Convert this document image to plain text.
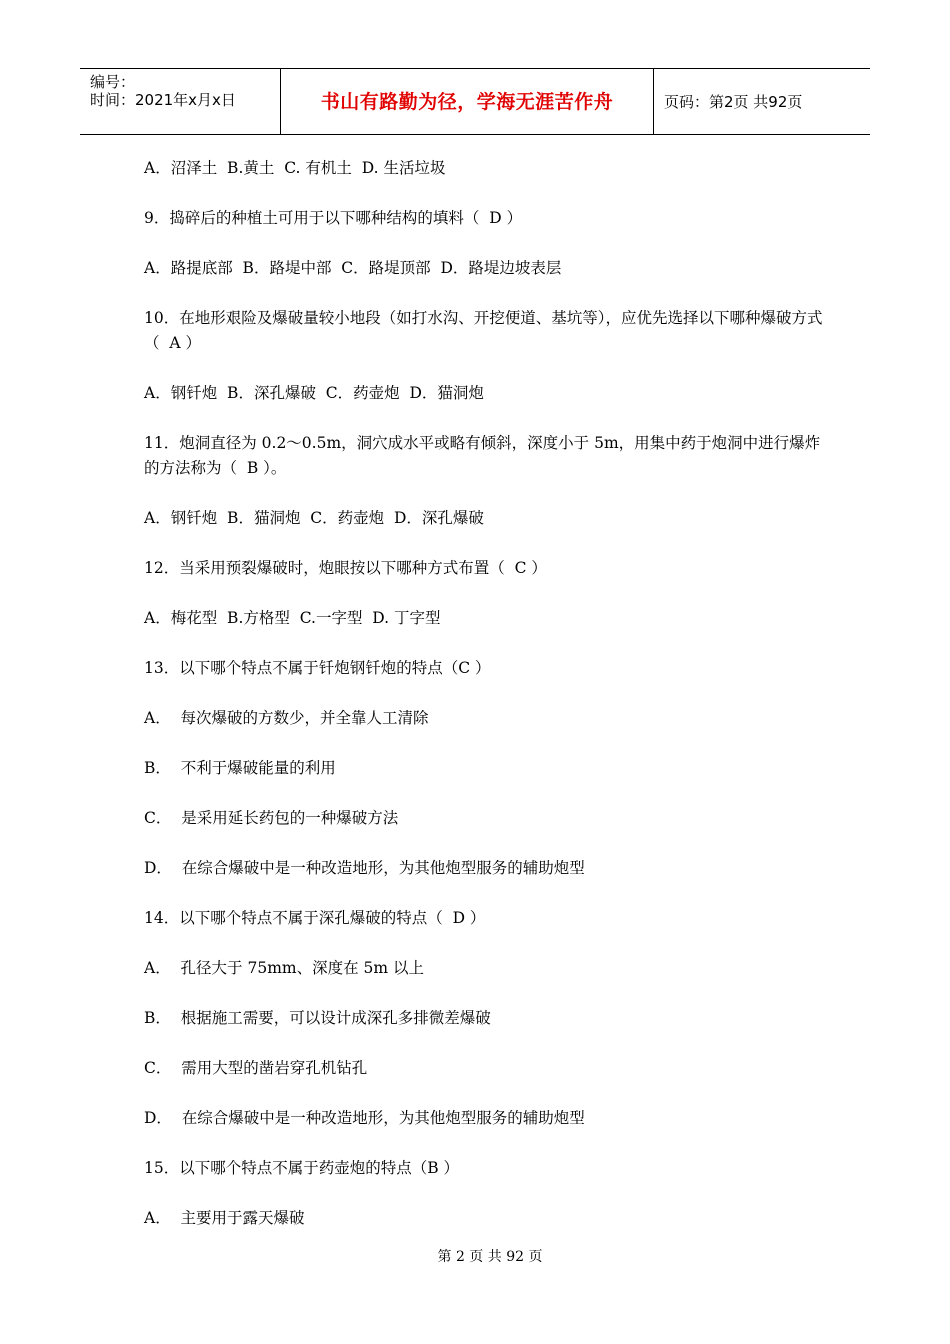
编号：
时间：2021年x月x日	书山有路勤为径，学海无涯苦作舟	页码：第2页 共92页
A．沼泽土  B.黄土  C. 有机土  D. 生活垃圾
9．捣碎后的种植土可用于以下哪种结构的填料（  D ）
A．路提底部  B．路堤中部  C．路堤顶部  D．路堤边坡表层
10．在地形艰险及爆破量较小地段（如打水沟、开挖便道、基坑等），应优先选择以下哪种爆破方式（  A ）
A．钢钎炮  B．深孔爆破  C．药壶炮  D．猫洞炮
11．炮洞直径为 0.2～0.5m，洞穴成水平或略有倾斜，深度小于 5m，用集中药于炮洞中进行爆炸的方法称为（  B ）。
A．钢钎炮  B．猫洞炮  C．药壶炮  D．深孔爆破
12．当采用预裂爆破时，炮眼按以下哪种方式布置（  C ）
A．梅花型  B.方格型  C.一字型  D. 丁字型
13．以下哪个特点不属于钎炮钢钎炮的特点（C ）
A．  每次爆破的方数少，并全靠人工清除
B．  不利于爆破能量的利用
C．  是采用延长药包的一种爆破方法
D．  在综合爆破中是一种改造地形，为其他炮型服务的辅助炮型
14．以下哪个特点不属于深孔爆破的特点（  D ）
A．  孔径大于 75mm、深度在 5m 以上
B．  根据施工需要，可以设计成深孔多排微差爆破
C．  需用大型的凿岩穿孔机钻孔
D．  在综合爆破中是一种改造地形，为其他炮型服务的辅助炮型
15．以下哪个特点不属于药壶炮的特点（B ）
A．  主要用于露天爆破
第 2 页 共 92 页
